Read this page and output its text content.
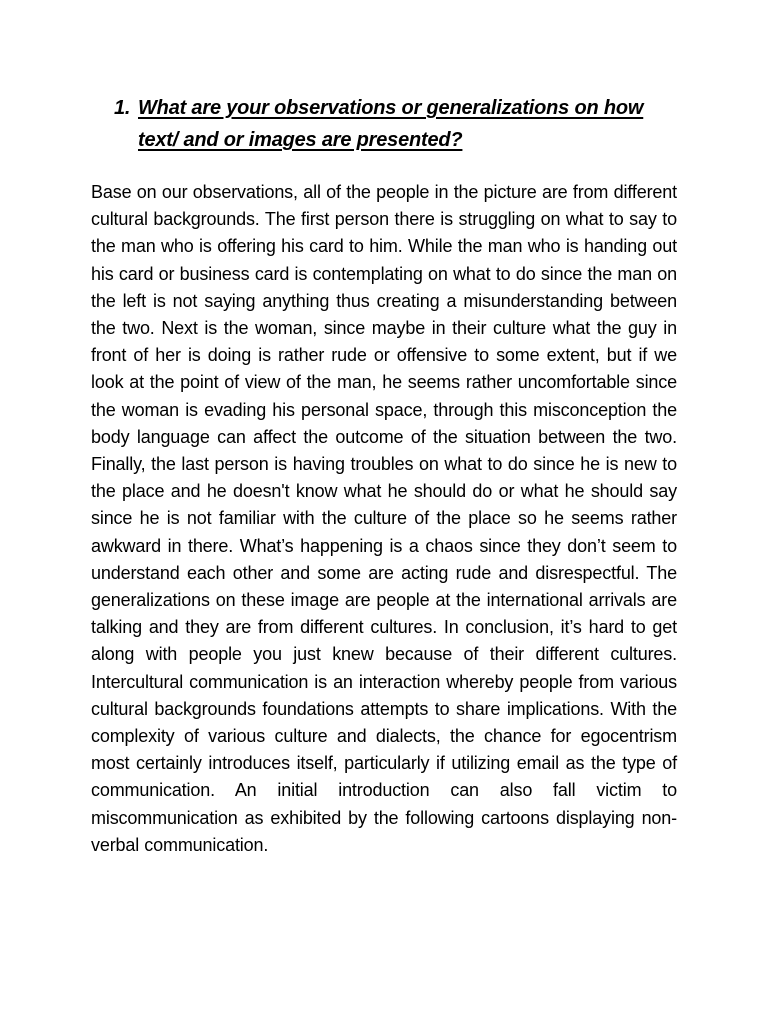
1. What are your observations or generalizations on how text/ and or images are presented?

Base on our observations, all of the people in the picture are from different cultural backgrounds. The first person there is struggling on what to say to the man who is offering his card to him. While the man who is handing out his card or business card is contemplating on what to do since the man on the left is not saying anything thus creating a misunderstanding between the two. Next is the woman, since maybe in their culture what the guy in front of her is doing is rather rude or offensive to some extent, but if we look at the point of view of the man, he seems rather uncomfortable since the woman is evading his personal space, through this misconception the body language can affect the outcome of the situation between the two. Finally, the last person is having troubles on what to do since he is new to the place and he doesn't know what he should do or what he should say since he is not familiar with the culture of the place so he seems rather awkward in there. What’s happening is a chaos since they don’t seem to understand each other and some are acting rude and disrespectful. The generalizations on these image are people at the international arrivals are talking and they are from different cultures. In conclusion, it’s hard to get along with people you just knew because of their different cultures. Intercultural communication is an interaction whereby people from various cultural backgrounds foundations attempts to share implications. With the complexity of various culture and dialects, the chance for egocentrism most certainly introduces itself, particularly if utilizing email as the type of communication. An initial introduction can also fall victim to miscommunication as exhibited by the following cartoons displaying non-verbal communication.
